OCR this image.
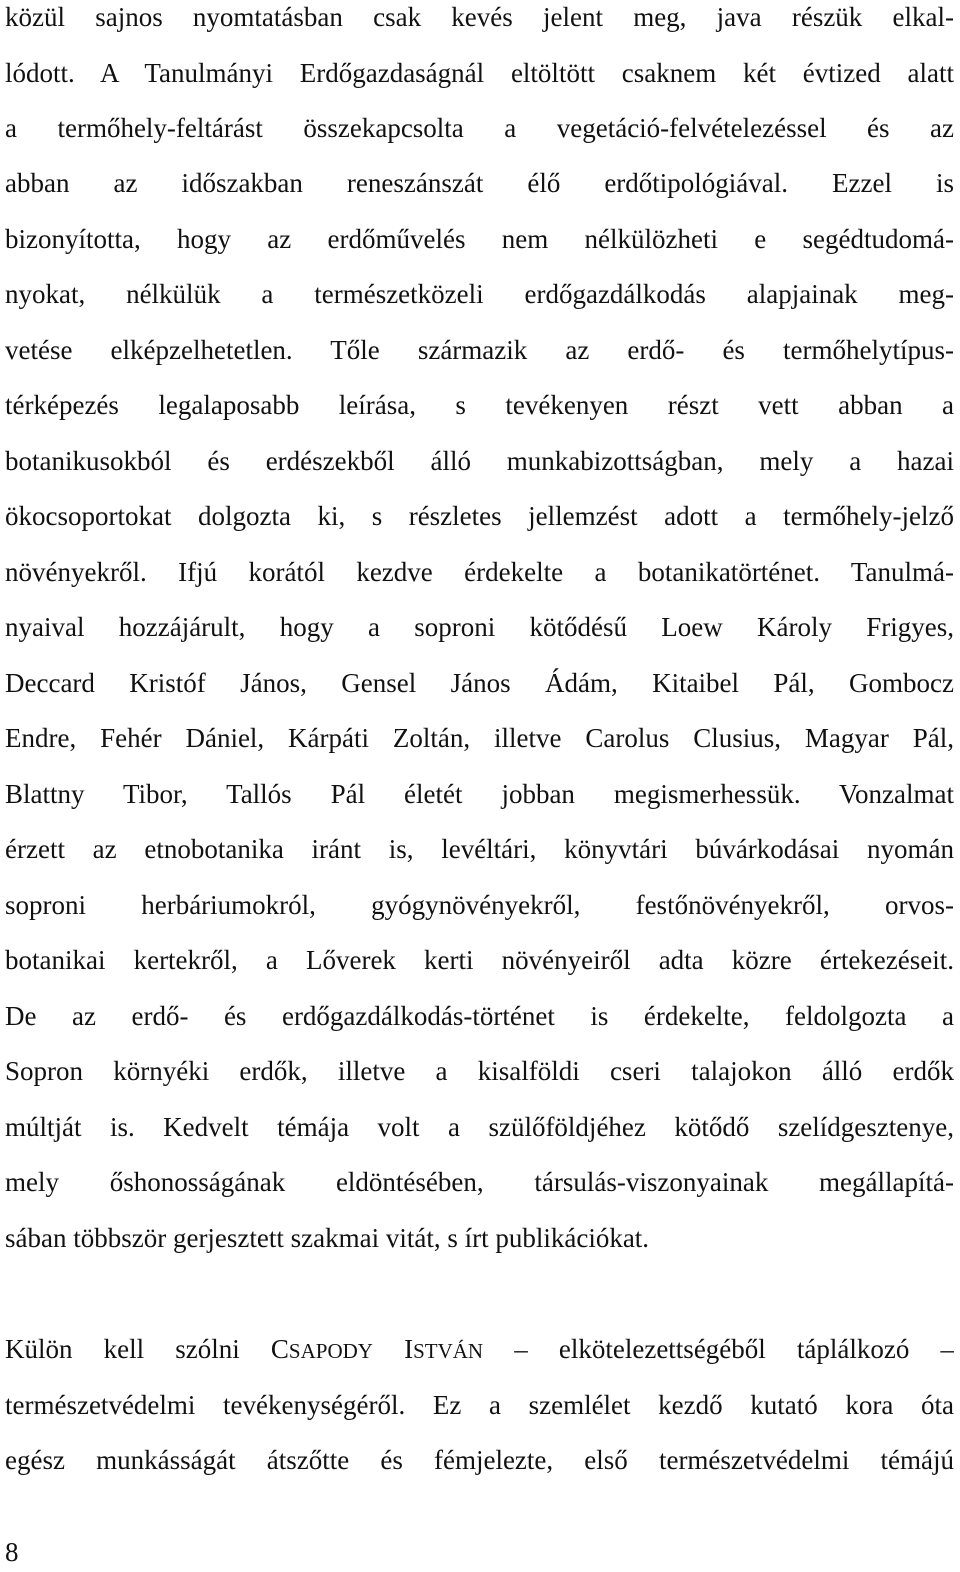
közül sajnos nyomtatásban csak kevés jelent meg, java részük elkal-
lódott. A Tanulmányi Erdőgazdaságnál eltöltött csaknem két évtized alatt
a termőhely-feltárást összekapcsolta a vegetáció-felvételezéssel és az
abban az időszakban reneszánszát élő erdőtipológiával. Ezzel is
bizonyította, hogy az erdőművelés nem nélkülözheti e segédtudomá-
nyokat, nélkülük a természetközeli erdőgazdálkodás alapjainak meg-
vetése elképzelhetetlen. Tőle származik az erdő- és termőhelytípus-
térképezés legalaposabb leírása, s tevékenyen részt vett abban a
botanikusokból és erdészekből álló munkabizottságban, mely a hazai
ökocsoportokat dolgozta ki, s részletes jellemzést adott a termőhely-jelző
növényekről. Ifjú korától kezdve érdekelte a botanikatörténet. Tanulmá-
nyaival hozzájárult, hogy a soproni kötődésű Loew Károly Frigyes,
Deccard Kristóf János, Gensel János Ádám, Kitaibel Pál, Gombocz
Endre, Fehér Dániel, Kárpáti Zoltán, illetve Carolus Clusius, Magyar Pál,
Blattny Tibor, Tallós Pál életét jobban megismerhessük. Vonzalmat
érzett az etnobotanika iránt is, levéltári, könyvtári búvárkodásai nyomán
soproni herbáriumokról, gyógynövényekről, festőnövényekről, orvos-
botanikai kertekről, a Lőverek kerti növényeiről adta közre értekezéseit.
De az erdő- és erdőgazdálkodás-történet is érdekelte, feldolgozta a
Sopron környéki erdők, illetve a kisalföldi cseri talajokon álló erdők
múltját is. Kedvelt témája volt a szülőföldjéhez kötődő szelídgesztenye,
mely őshonosságának eldöntésében, társulás-viszonyainak megállapítá-
sában többször gerjesztett szakmai vitát, s írt publikációkat.
Külön kell szólni CSAPODY ISTVÁN – elkötelezettségéből táplálkozó –
természetvédelmi tevékenységéről. Ez a szemlélet kezdő kutató kora óta
egész munkásságát átszőtte és fémjelezte, első természetvédelmi témájú
8
